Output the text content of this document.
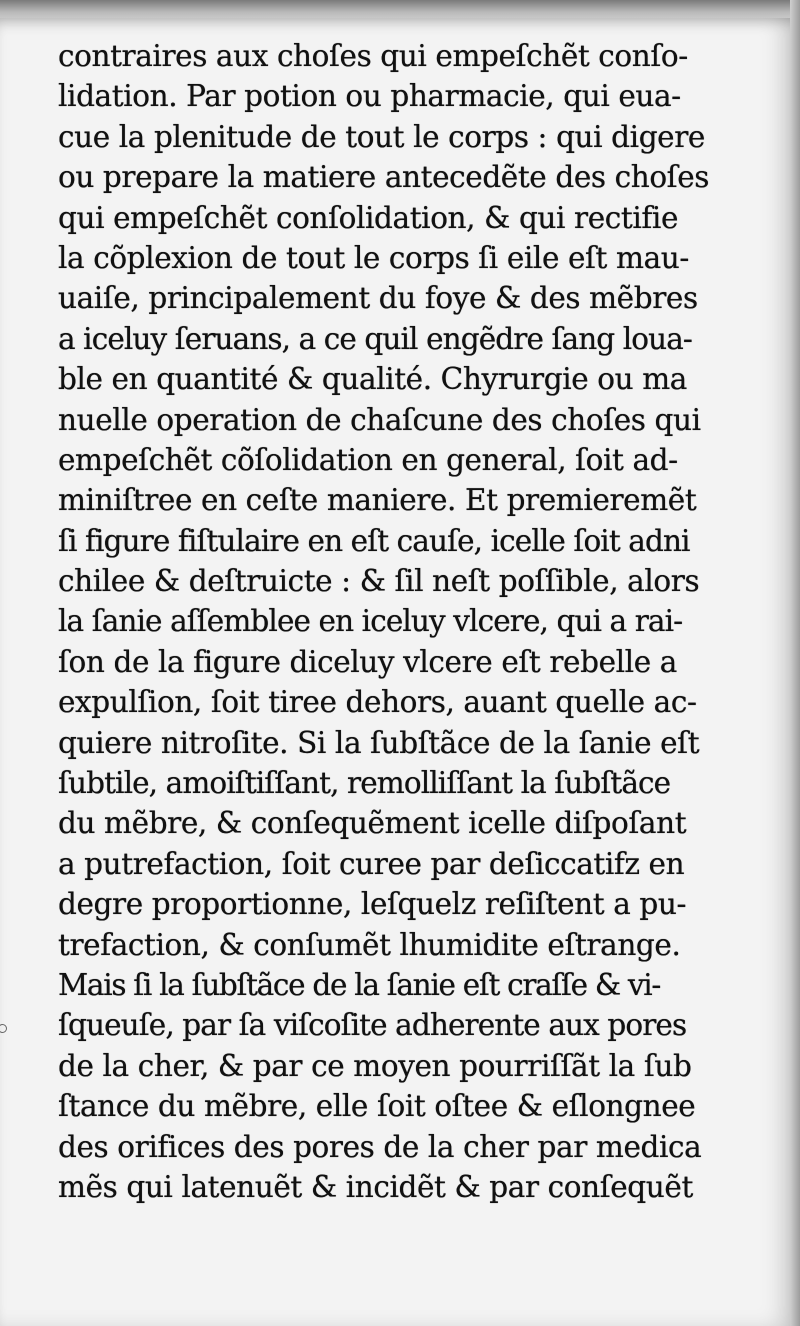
contraires aux choſes qui empeſchẽt conſo-
lidation. Par potion ou pharmacie, qui eua-
cue la plenitude de tout le corps : qui digere
ou prepare la matiere antecedẽte des choſes
qui empeſchẽt conſolidation, & qui rectifie
la cõplexion de tout le corps ſi eile eſt mau-
uaiſe, principalement du foye & des mẽbres
a iceluy ſeruans, a ce quil engẽdre ſang loua-
ble en quantité & qualité. Chyrurgie ou ma
nuelle operation de chaſcune des choſes qui
empeſchẽt cõſolidation en general, ſoit ad-
miniſtree en ceſte maniere. Et premieremẽt
ſi figure fiſtulaire en eſt cauſe, icelle ſoit adni
chilee & deſtruicte : & ſil neſt poſſible, alors
la ſanie aſſemblee en iceluy vlcere, qui a rai-
ſon de la figure diceluy vlcere eſt rebelle a
expulſion, ſoit tiree dehors, auant quelle ac-
quiere nitroſite. Si la ſubſtãce de la ſanie eſt
ſubtile, amoiſtiſſant, remolliſſant la ſubſtãce
du mẽbre, & conſequẽment icelle diſpoſant
a putrefaction, ſoit curee par deſiccatifz en
degre proportionne, leſquelz reſiſtent a pu-
trefaction, & conſumẽt lhumidite eſtrange.
Mais ſi la ſubſtãce de la ſanie eſt craſſe & vi-
ſqueuſe, par ſa viſcoſite adherente aux pores
de la cher, & par ce moyen pourriſſãt la ſub
ſtance du mẽbre, elle ſoit oſtee & eſlongnee
des orifices des pores de la cher par medica
mẽs qui latenuẽt & incidẽt & par conſequẽt
